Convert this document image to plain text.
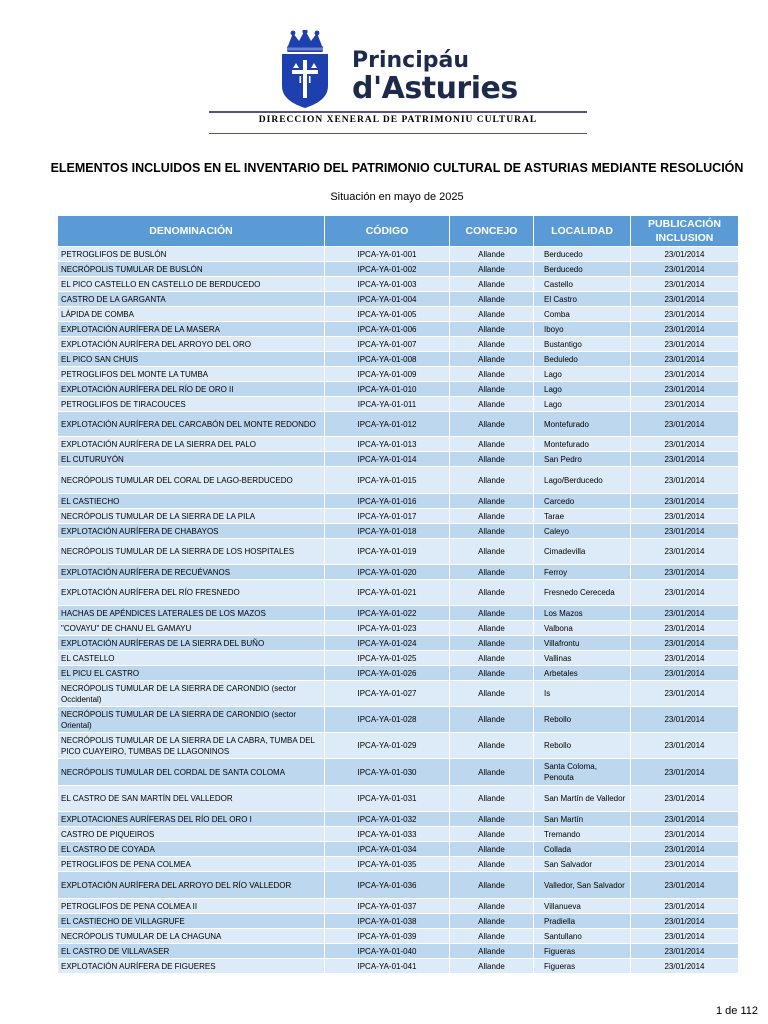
Principáu
d'Asturies
DIRECCION XENERAL DE PATRIMONIU CULTURAL
ELEMENTOS INCLUIDOS EN EL INVENTARIO DEL PATRIMONIO CULTURAL DE ASTURIAS MEDIANTE RESOLUCIÓN
Situación en mayo de 2025
DENOMINACIÓN	CÓDIGO	CONCEJO	LOCALIDAD	PUBLICACIÓN INCLUSION
PETROGLIFOS DE BUSLÓN	IPCA-YA-01-001	Allande	Berducedo	23/01/2014
NECRÓPOLIS TUMULAR DE BUSLÓN	IPCA-YA-01-002	Allande	Berducedo	23/01/2014
EL PICO CASTELLO EN CASTELLO DE BERDUCEDO	IPCA-YA-01-003	Allande	Castello	23/01/2014
CASTRO DE LA GARGANTA	IPCA-YA-01-004	Allande	El Castro	23/01/2014
LÁPIDA DE COMBA	IPCA-YA-01-005	Allande	Comba	23/01/2014
EXPLOTACIÓN AURÍFERA DE LA MASERA	IPCA-YA-01-006	Allande	Iboyo	23/01/2014
EXPLOTACIÓN AURÍFERA DEL ARROYO DEL ORO	IPCA-YA-01-007	Allande	Bustantigo	23/01/2014
EL PICO SAN CHUIS	IPCA-YA-01-008	Allande	Beduledo	23/01/2014
PETROGLIFOS DEL MONTE LA TUMBA	IPCA-YA-01-009	Allande	Lago	23/01/2014
EXPLOTACIÓN AURÍFERA DEL RÍO DE ORO II	IPCA-YA-01-010	Allande	Lago	23/01/2014
PETROGLIFOS DE TIRACOUCES	IPCA-YA-01-011	Allande	Lago	23/01/2014
EXPLOTACIÓN AURÍFERA DEL CARCABÓN DEL MONTE REDONDO	IPCA-YA-01-012	Allande	Montefurado	23/01/2014
EXPLOTACIÓN AURÍFERA DE LA SIERRA DEL PALO	IPCA-YA-01-013	Allande	Montefurado	23/01/2014
EL CUTURUYÓN	IPCA-YA-01-014	Allande	San Pedro	23/01/2014
NECRÓPOLIS TUMULAR DEL CORAL DE LAGO-BERDUCEDO	IPCA-YA-01-015	Allande	Lago/Berducedo	23/01/2014
EL CASTIECHO	IPCA-YA-01-016	Allande	Carcedo	23/01/2014
NECRÓPOLIS TUMULAR DE LA SIERRA DE LA PILA	IPCA-YA-01-017	Allande	Tarae	23/01/2014
EXPLOTACIÓN AURÍFERA DE CHABAYOS	IPCA-YA-01-018	Allande	Caleyo	23/01/2014
NECRÓPOLIS TUMULAR DE LA SIERRA DE LOS HOSPITALES	IPCA-YA-01-019	Allande	Cimadevilla	23/01/2014
EXPLOTACIÓN AURÍFERA DE RECUÉVANOS	IPCA-YA-01-020	Allande	Ferroy	23/01/2014
EXPLOTACIÓN AURÍFERA DEL RÍO FRESNEDO	IPCA-YA-01-021	Allande	Fresnedo Cereceda	23/01/2014
HACHAS DE APÉNDICES LATERALES DE LOS MAZOS	IPCA-YA-01-022	Allande	Los Mazos	23/01/2014
"COVAYU" DE CHANU EL GAMAYU	IPCA-YA-01-023	Allande	Valbona	23/01/2014
EXPLOTACIÓN AURÍFERAS DE LA SIERRA DEL BUÑO	IPCA-YA-01-024	Allande	Villafrontu	23/01/2014
EL CASTELLO	IPCA-YA-01-025	Allande	Vallinas	23/01/2014
EL PICU EL CASTRO	IPCA-YA-01-026	Allande	Arbetales	23/01/2014
NECRÓPOLIS TUMULAR DE LA SIERRA DE CARONDIO (sector Occidental)	IPCA-YA-01-027	Allande	Is	23/01/2014
NECRÓPOLIS TUMULAR DE LA SIERRA DE CARONDIO (sector Oriental)	IPCA-YA-01-028	Allande	Rebollo	23/01/2014
NECRÓPOLIS TUMULAR DE LA SIERRA DE LA CABRA, TUMBA DEL PICO CUAYEIRO, TUMBAS DE LLAGONINOS	IPCA-YA-01-029	Allande	Rebollo	23/01/2014
NECRÓPOLIS TUMULAR DEL CORDAL DE SANTA COLOMA	IPCA-YA-01-030	Allande	Santa Coloma, Penouta	23/01/2014
EL CASTRO DE SAN MARTÍN DEL VALLEDOR	IPCA-YA-01-031	Allande	San Martín de Valledor	23/01/2014
EXPLOTACIONES AURÍFERAS DEL RÍO DEL ORO I	IPCA-YA-01-032	Allande	San Martín	23/01/2014
CASTRO DE PIQUEIROS	IPCA-YA-01-033	Allande	Tremando	23/01/2014
EL CASTRO DE COYADA	IPCA-YA-01-034	Allande	Collada	23/01/2014
PETROGLIFOS DE PENA COLMEA	IPCA-YA-01-035	Allande	San Salvador	23/01/2014
EXPLOTACIÓN AURÍFERA DEL ARROYO DEL RÍO VALLEDOR	IPCA-YA-01-036	Allande	Valledor, San Salvador	23/01/2014
PETROGLIFOS DE PENA COLMEA II	IPCA-YA-01-037	Allande	Villanueva	23/01/2014
EL CASTIECHO DE VILLAGRUFE	IPCA-YA-01-038	Allande	Pradiella	23/01/2014
NECRÓPOLIS TUMULAR DE LA CHAGUNA	IPCA-YA-01-039	Allande	Santullano	23/01/2014
EL CASTRO DE VILLAVASER	IPCA-YA-01-040	Allande	Figueras	23/01/2014
EXPLOTACIÓN AURÍFERA DE FIGUERES	IPCA-YA-01-041	Allande	Figueras	23/01/2014
1 de 112
